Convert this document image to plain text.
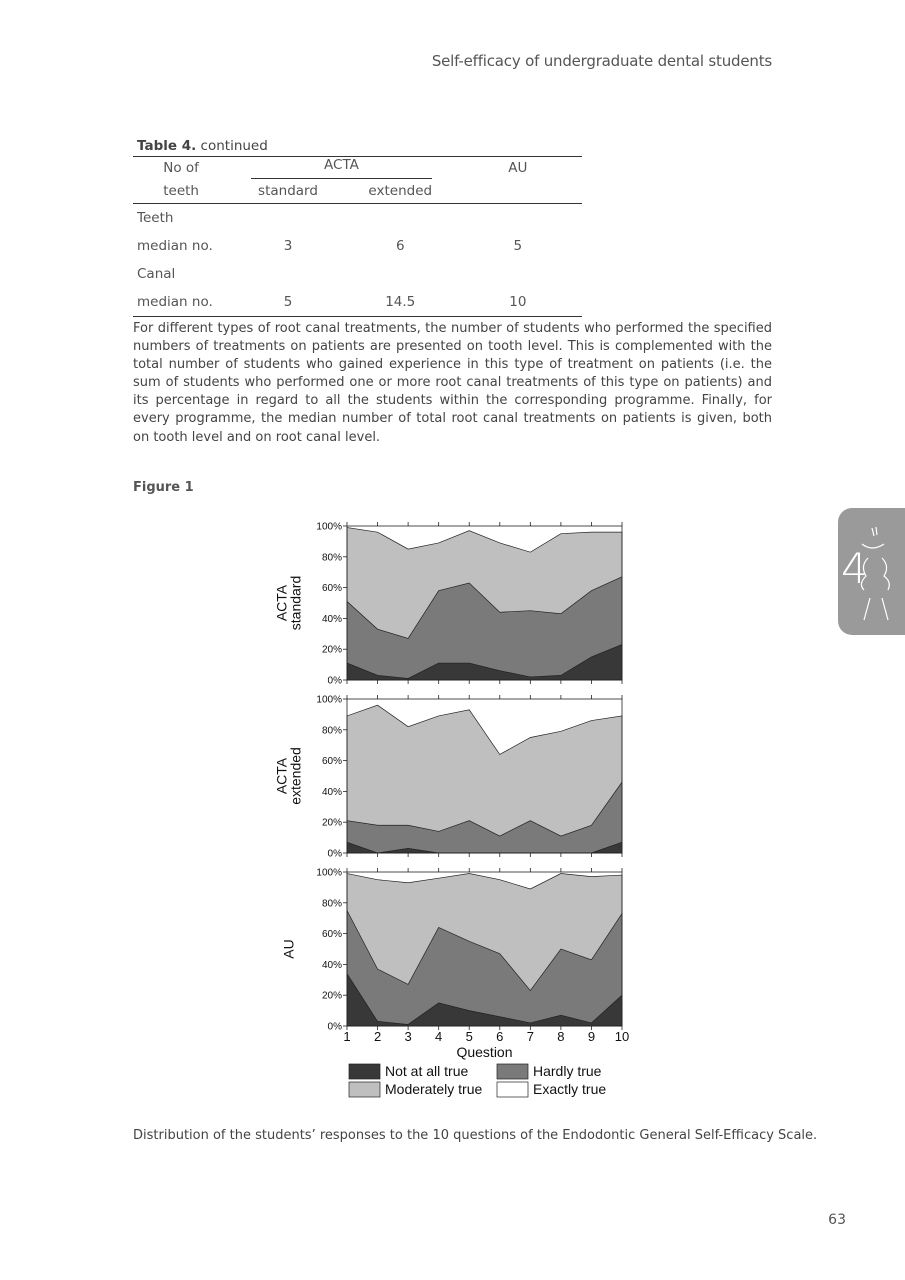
Self-efficacy of undergraduate dental students
Table 4. continued
No of	ACTA		AU
teeth	standard	extended	
Teeth			
median no.	3	6	5
Canal			
median no.	5	14.5	10
For different types of root canal treatments, the number of students who performed the specified numbers of treatments on patients are presented on tooth level. This is complemented with the total number of students who gained experience in this type of treatment on patients (i.e. the sum of students who performed one or more root canal treatments of this type on patients) and its percentage in regard to all the students within the corresponding programme. Finally, for every programme, the median number of total root canal treatments on patients is given, both on tooth level and on root canal level.
Figure 1
0%
20%
40%
60%
80%
100%
ACTA
standard
0%
20%
40%
60%
80%
100%
ACTA
extended
0%
20%
40%
60%
80%
100%
AU
1 2 3 4 5 6 7 8 9 10
Question
Not at all true	Hardly true
Moderately true	Exactly true
Distribution of the students’ responses to the 10 questions of the Endodontic General Self-Efficacy Scale.
63
4
